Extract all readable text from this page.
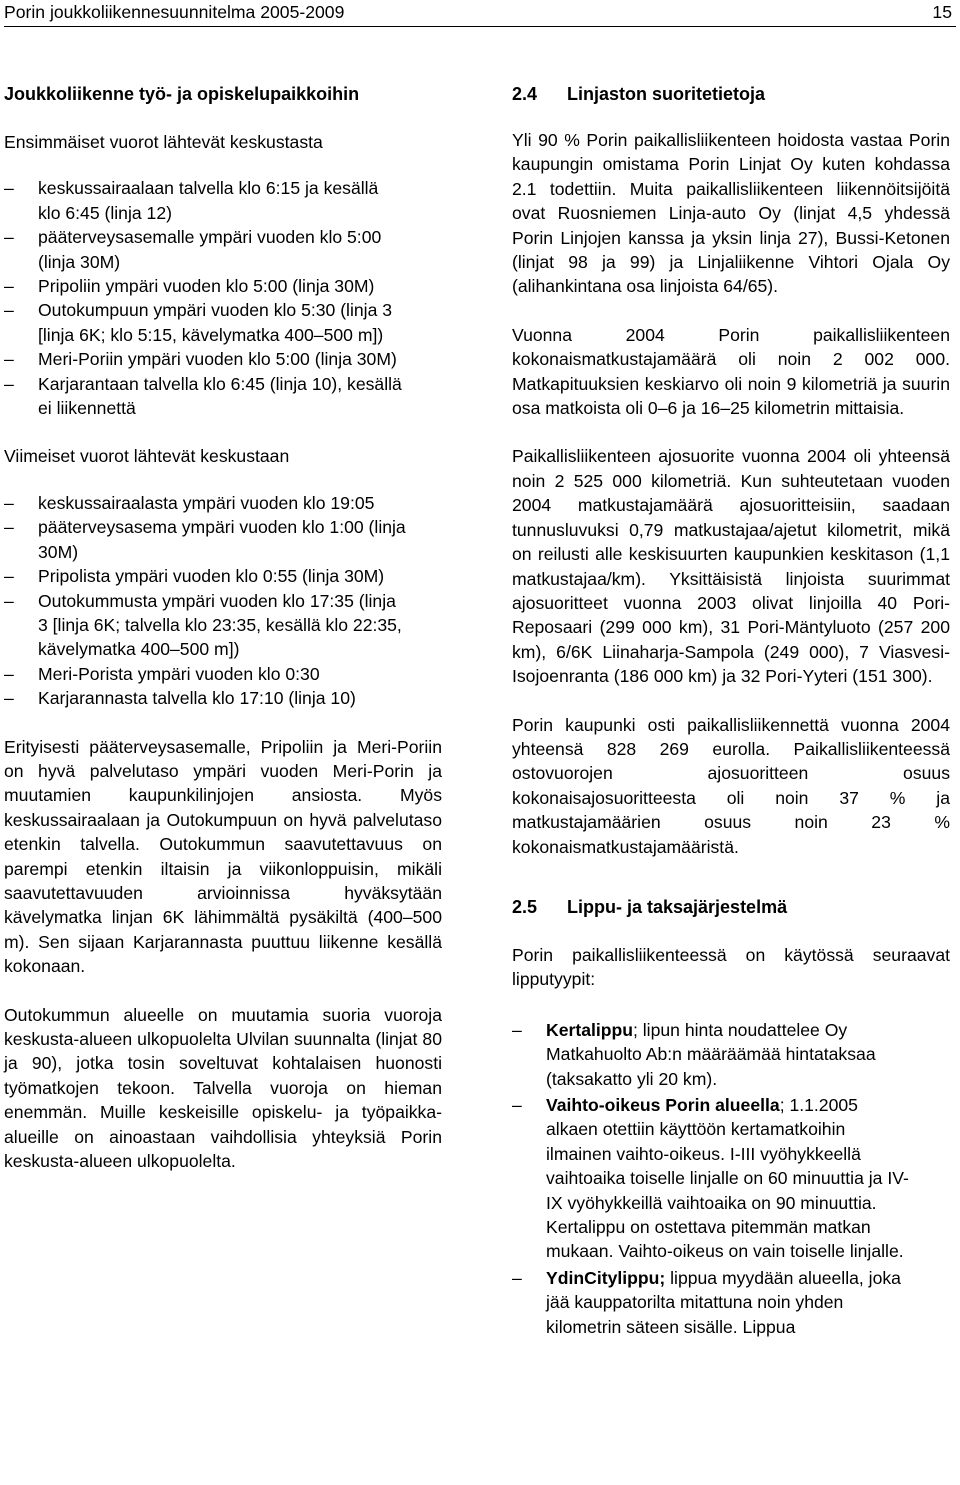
Porin joukkoliikennesuunnitelma 2005-2009	15
Joukkoliikenne työ- ja opiskelupaikkoihin

Ensimmäiset vuorot lähtevät keskustasta

– keskussairaalaan talvella klo 6:15 ja kesällä klo 6:45 (linja 12)
– pääterveysasemalle ympäri vuoden klo 5:00 (linja 30M)
– Pripoliin ympäri vuoden klo 5:00 (linja 30M)
– Outokumpuun ympäri vuoden klo 5:30 (linja 3 [linja 6K; klo 5:15, kävelymatka 400–500 m])
– Meri-Poriin ympäri vuoden klo 5:00 (linja 30M)
– Karjarantaan talvella klo 6:45 (linja 10), kesällä ei liikennettä

Viimeiset vuorot lähtevät keskustaan

– keskussairaalasta ympäri vuoden klo 19:05
– pääterveysasema ympäri vuoden klo 1:00 (linja 30M)
– Pripolista ympäri vuoden klo 0:55 (linja 30M)
– Outokummusta ympäri vuoden klo 17:35 (linja 3 [linja 6K; talvella klo 23:35, kesällä klo 22:35, kävelymatka 400–500 m])
– Meri-Porista ympäri vuoden klo 0:30
– Karjarannasta talvella klo 17:10 (linja 10)

Erityisesti pääterveysasemalle, Pripoliin ja Meri-Poriin on hyvä palvelutaso ympäri vuoden Meri-Porin ja muutamien kaupunkilinjojen ansiosta. Myös keskussairaalaan ja Outokumpuun on hyvä palvelutaso etenkin talvella. Outokummun saavutettavuus on parempi etenkin iltaisin ja viikonloppuisin, mikäli saavutettavuuden arvioinnissa hyväksytään kävelymatka linjan 6K lähimmältä pysäkiltä (400–500 m). Sen sijaan Karjarannasta puuttuu liikenne kesällä kokonaan.

Outokummun alueelle on muutamia suoria vuoroja keskusta-alueen ulkopuolelta Ulvilan suunnalta (linjat 80 ja 90), jotka tosin soveltuvat kohtalaisen huonosti työmatkojen tekoon. Talvella vuoroja on hieman enemmän. Muille keskeisille opiskelu- ja työpaikka-alueille on ainoastaan vaihdollisia yhteyksiä Porin keskusta-alueen ulkopuolelta.

2.4 Linjaston suoritetietoja

Yli 90 % Porin paikallisliikenteen hoidosta vastaa Porin kaupungin omistama Porin Linjat Oy kuten kohdassa 2.1 todettiin. Muita paikallisliikenteen liikennöitsijöitä ovat Ruosniemen Linja-auto Oy (linjat 4,5 yhdessä Porin Linjojen kanssa ja yksin linja 27), Bussi-Ketonen (linjat 98 ja 99) ja Linjaliikenne Vihtori Ojala Oy (alihankintana osa linjoista 64/65).

Vuonna 2004 Porin paikallisliikenteen kokonaismatkustajamäärä oli noin 2 002 000. Matkapituuksien keskiarvo oli noin 9 kilometriä ja suurin osa matkoista oli 0–6 ja 16–25 kilometrin mittaisia.

Paikallisliikenteen ajosuorite vuonna 2004 oli yhteensä noin 2 525 000 kilometriä. Kun suhteutetaan vuoden 2004 matkustajamäärä ajosuoritteisiin, saadaan tunnusluvuksi 0,79 matkustajaa/ajetut kilometrit, mikä on reilusti alle keskisuurten kaupunkien keskitason (1,1 matkustajaa/km). Yksittäisistä linjoista suurimmat ajosuoritteet vuonna 2003 olivat linjoilla 40 Pori-Reposaari (299 000 km), 31 Pori-Mäntyluoto (257 200 km), 6/6K Liinaharja-Sampola (249 000), 7 Viasvesi-Isojoenranta (186 000 km) ja 32 Pori-Yyteri (151 300).

Porin kaupunki osti paikallisliikennettä vuonna 2004 yhteensä 828 269 eurolla. Paikallisliikenteessä ostovuorojen ajosuoritteen osuus kokonaisajosuoritteesta oli noin 37 % ja matkustajamäärien osuus noin 23 % kokonaismatkustajamääristä.

2.5 Lippu- ja taksajärjestelmä

Porin paikallisliikenteessä on käytössä seuraavat lipputyypit:

– Kertalippu; lipun hinta noudattelee Oy Matkahuolto Ab:n määräämää hintataksaa (taksakatto yli 20 km).
– Vaihto-oikeus Porin alueella; 1.1.2005 alkaen otettiin käyttöön kertamatkoihin ilmainen vaihto-oikeus. I-III vyöhykkeellä vaihtoaika toiselle linjalle on 60 minuuttia ja IV- IX vyöhykkeillä vaihtoaika on 90 minuuttia. Kertalippu on ostettava pitemmän matkan mukaan. Vaihto-oikeus on vain toiselle linjalle.
– YdinCitylippu; lippua myydään alueella, joka jää kauppatorilta mitattuna noin yhden kilometrin säteen sisälle. Lippua
